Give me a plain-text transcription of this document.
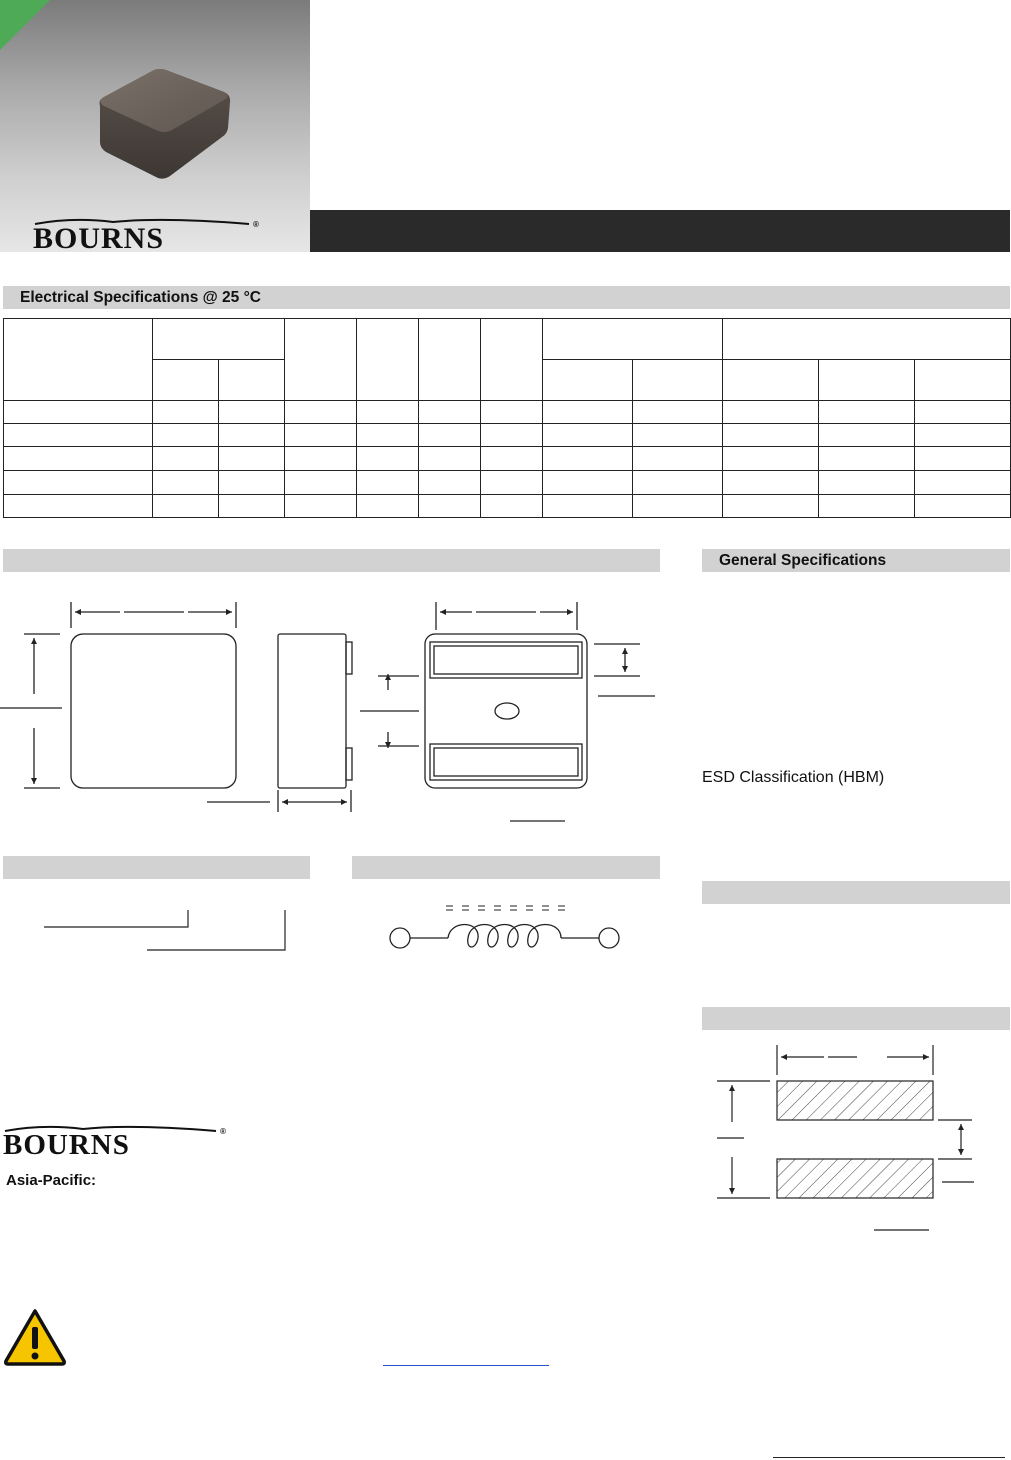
BOURNS	®
Electrical Specifications @ 25 °C

General Specifications
ESD Classification (HBM)
BOURNS	®
Asia-Pacific:
